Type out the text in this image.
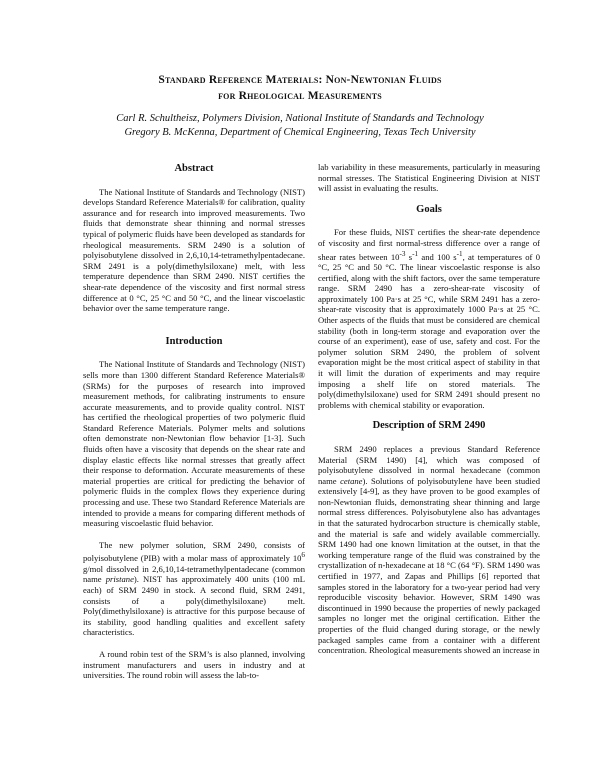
Standard Reference Materials: Non-Newtonian Fluids
for Rheological Measurements
Carl R. Schultheisz, Polymers Division, National Institute of Standards and Technology
Gregory B. McKenna, Department of Chemical Engineering, Texas Tech University
Abstract

The National Institute of Standards and Technology (NIST) develops Standard Reference Materials® for calibration, quality assurance and for research into improved measurements. Two fluids that demonstrate shear thinning and normal stresses typical of polymeric fluids have been developed as standards for rheological measurements. SRM 2490 is a solution of polyisobutylene dissolved in 2,6,10,14-tetramethylpentadecane. SRM 2491 is a poly(dimethylsiloxane) melt, with less temperature dependence than SRM 2490. NIST certifies the shear-rate dependence of the viscosity and first normal stress difference at 0 °C, 25 °C and 50 °C, and the linear viscoelastic behavior over the same temperature range.

Introduction

The National Institute of Standards and Technology (NIST) sells more than 1300 different Standard Reference Materials® (SRMs) for the purposes of research into improved measurement methods, for calibrating instruments to ensure accurate measurements, and to provide quality control. NIST has certified the rheological properties of two polymeric fluid Standard Reference Materials. Polymer melts and solutions often demonstrate non-Newtonian flow behavior [1-3]. Such fluids often have a viscosity that depends on the shear rate and display elastic effects like normal stresses that greatly affect their response to deformation. Accurate measurements of these material properties are critical for predicting the behavior of polymeric fluids in the complex flows they experience during processing and use. These two Standard Reference Materials are intended to provide a means for comparing different methods of measuring viscoelastic fluid behavior.

The new polymer solution, SRM 2490, consists of polyisobutylene (PIB) with a molar mass of approximately $10^6$ g/mol dissolved in 2,6,10,14-tetramethylpentadecane (common name pristane). NIST has approximately 400 units (100 mL each) of SRM 2490 in stock. A second fluid, SRM 2491, consists of a poly(dimethylsiloxane) melt. Poly(dimethylsiloxane) is attractive for this purpose because of its stability, good handling qualities and excellent safety characteristics.

A round robin test of the SRM’s is also planned, involving instrument manufacturers and users in industry and at universities. The round robin will assess the lab-to-

lab variability in these measurements, particularly in measuring normal stresses. The Statistical Engineering Division at NIST will assist in evaluating the results.

Goals

For these fluids, NIST certifies the shear-rate dependence of viscosity and first normal-stress difference over a range of shear rates between $10^{-3}$ $s^{-1}$ and 100 $s^{-1}$, at temperatures of 0 °C, 25 °C and 50 °C. The linear viscoelastic response is also certified, along with the shift factors, over the same temperature range. SRM 2490 has a zero-shear-rate viscosity of approximately 100 Pa·s at 25 °C, while SRM 2491 has a zero-shear-rate viscosity that is approximately 1000 Pa·s at 25 °C. Other aspects of the fluids that must be considered are chemical stability (both in long-term storage and evaporation over the course of an experiment), ease of use, safety and cost. For the polymer solution SRM 2490, the problem of solvent evaporation might be the most critical aspect of stability in that it will limit the duration of experiments and may require imposing a shelf life on stored materials. The poly(dimethylsiloxane) used for SRM 2491 should present no problems with chemical stability or evaporation.

Description of SRM 2490

SRM 2490 replaces a previous Standard Reference Material (SRM 1490) [4], which was composed of polyisobutylene dissolved in normal hexadecane (common name cetane). Solutions of polyisobutylene have been studied extensively [4-9], as they have proven to be good examples of non-Newtonian fluids, demonstrating shear thinning and large normal stress differences. Polyisobutylene also has advantages in that the saturated hydrocarbon structure is chemically stable, and the material is safe and widely available commercially. SRM 1490 had one known limitation at the outset, in that the working temperature range of the fluid was constrained by the crystallization of n-hexadecane at 18 °C (64 °F). SRM 1490 was certified in 1977, and Zapas and Phillips [6] reported that samples stored in the laboratory for a two-year period had very reproducible viscosity behavior. However, SRM 1490 was discontinued in 1990 because the properties of newly packaged samples no longer met the original certification. Either the properties of the fluid changed during storage, or the newly packaged samples came from a container with a different concentration. Rheological measurements showed an increase in
